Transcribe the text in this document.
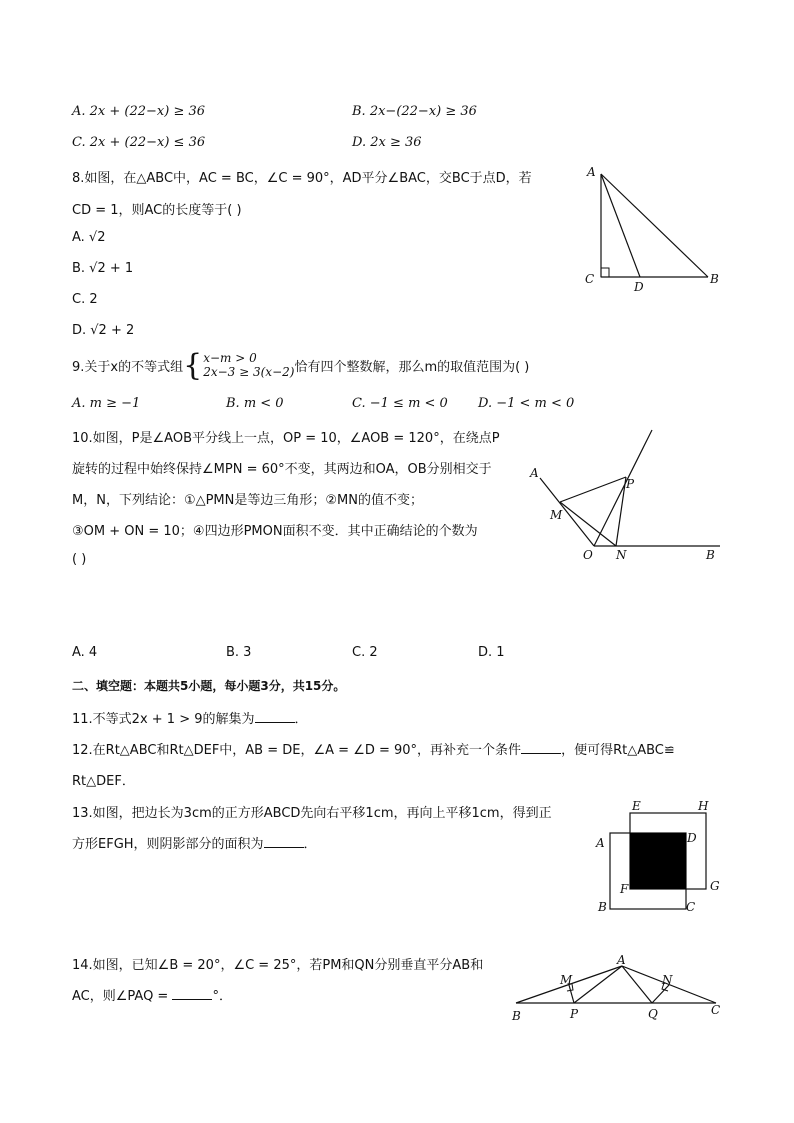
A. 2x + (22−x) ≥ 36	B. 2x−(22−x) ≥ 36
C. 2x + (22−x) ≤ 36	D. 2x ≥ 36
8.如图，在△ABC中，AC = BC，∠C = 90°，AD平分∠BAC，交BC于点D，若
CD = 1，则AC的长度等于( )
A. √2
B. √2 + 1
C. 2
D. √2 + 2
A
C
D
B
9.关于x的不等式组 { x−m > 0
2x−3 ≥ 3(x−2) 恰有四个整数解，那么m的取值范围为( )
A. m ≥ −1	B. m < 0	C. −1 ≤ m < 0 D. −1 < m < 0
10.如图，P是∠AOB平分线上一点，OP = 10，∠AOB = 120°，在绕点P
旋转的过程中始终保持∠MPN = 60°不变，其两边和OA，OB分别相交于
M，N，下列结论：①△PMN是等边三角形；②MN的值不变；
③OM + ON = 10；④四边形PMON面积不变．其中正确结论的个数为
( )
A
M
P
O N	B
A. 4	B. 3	C. 2	D. 1
二、填空题：本题共5小题，每小题3分，共15分。
11.不等式2x + 1 > 9的解集为	．
12.在Rt△ABC和Rt△DEF中，AB = DE，∠A = ∠D = 90°，再补充一个条件	，便可得Rt△ABC≌
Rt△DEF．
13.如图，把边长为3cm的正方形ABCD先向右平移1cm，再向上平移1cm，得到正
方形EFGH，则阴影部分的面积为	．	A
B	C
D
E
F	G
H
14.如图，已知∠B = 20°，∠C = 25°，若PM和QN分别垂直平分AB和
AC，则∠PAQ =	°．
A
M	N
B	P	Q	C
